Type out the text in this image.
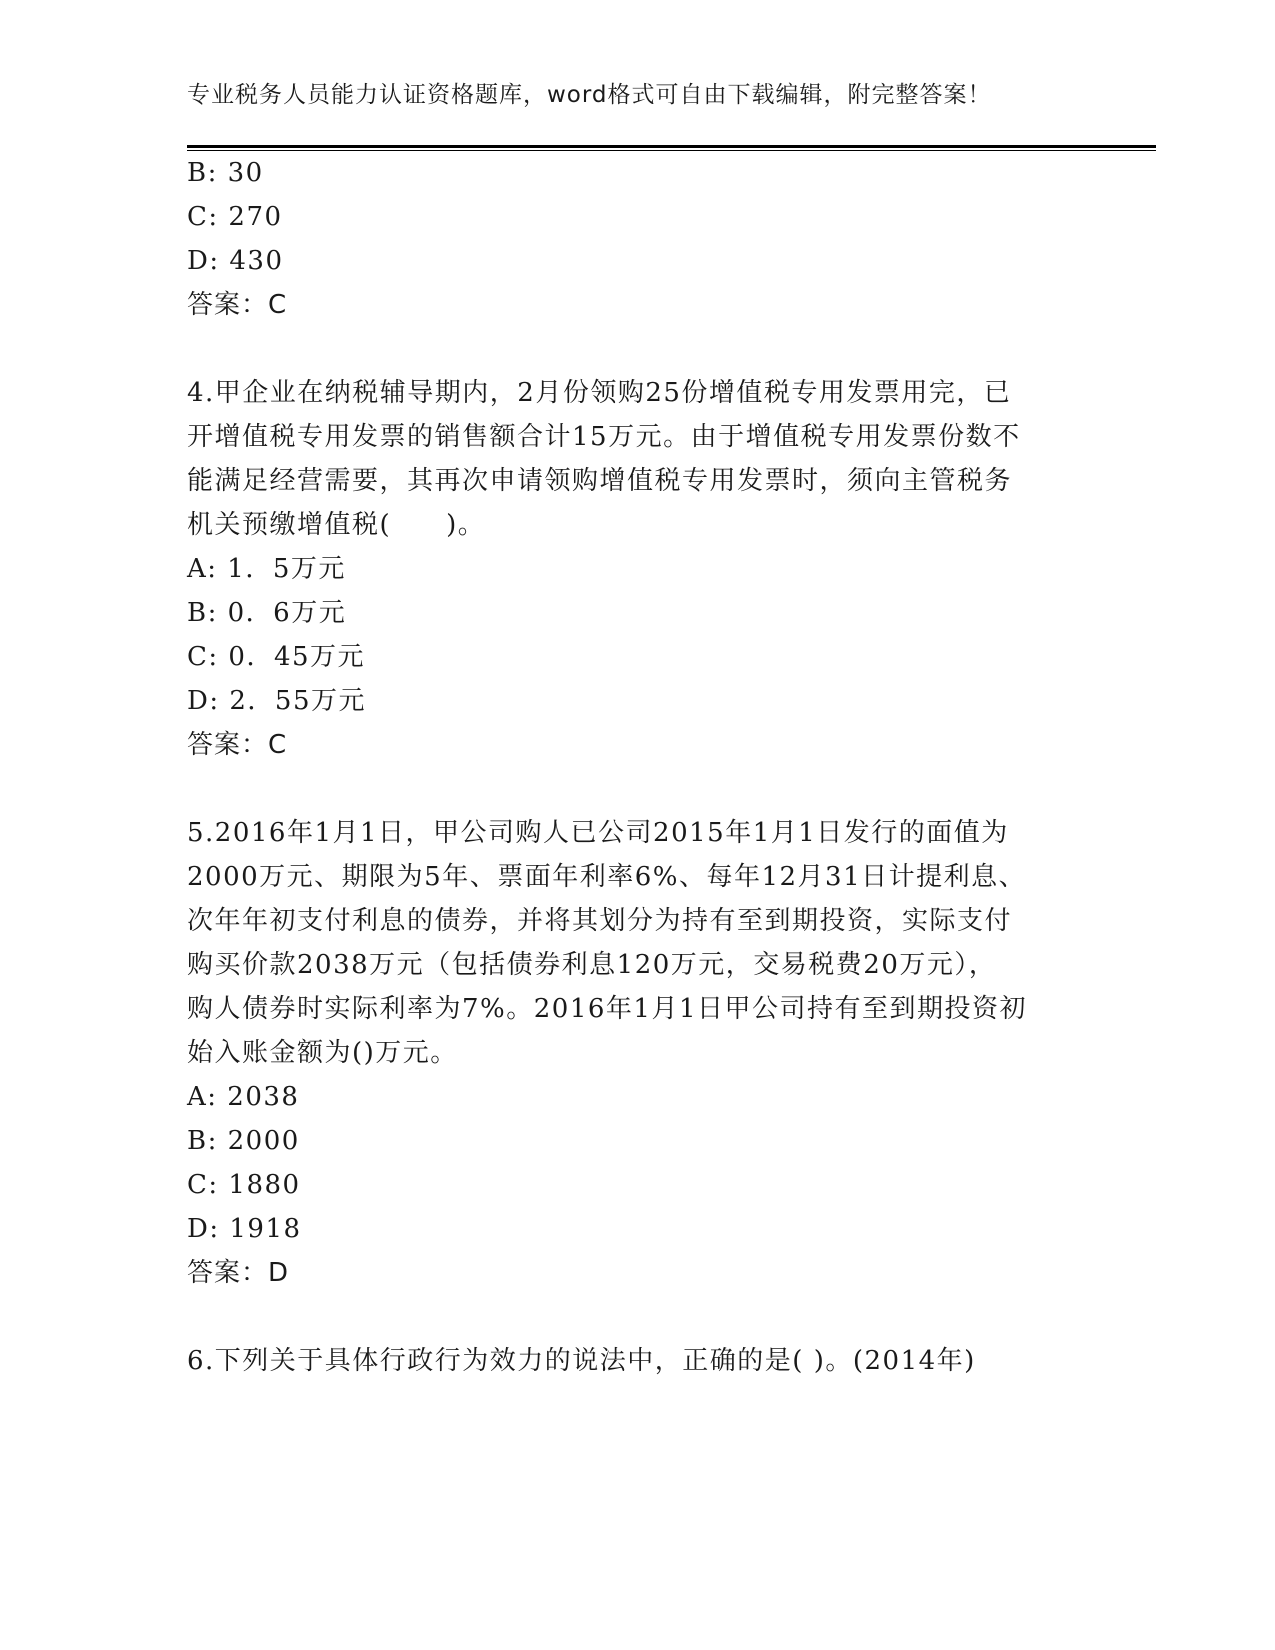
专业税务人员能力认证资格题库，word格式可自由下载编辑，附完整答案！
B: 30
C: 270
D: 430
答案：C
4.甲企业在纳税辅导期内，2月份领购25份增值税专用发票用完，已
开增值税专用发票的销售额合计15万元。由于增值税专用发票份数不
能满足经营需要，其再次申请领购增值税专用发票时，须向主管税务
机关预缴增值税(　　)。
A: 1．5万元
B: 0．6万元
C: 0．45万元
D: 2．55万元
答案：C
5.2016年1月1日，甲公司购人已公司2015年1月1日发行的面值为
2000万元、期限为5年、票面年利率6%、每年12月31日计提利息、
次年年初支付利息的债券，并将其划分为持有至到期投资，实际支付
购买价款2038万元（包括债券利息120万元，交易税费20万元），
购人债券时实际利率为7%。2016年1月1日甲公司持有至到期投资初
始入账金额为()万元。
A: 2038
B: 2000
C: 1880
D: 1918
答案：D
6.下列关于具体行政行为效力的说法中，正确的是( )。(2014年)
